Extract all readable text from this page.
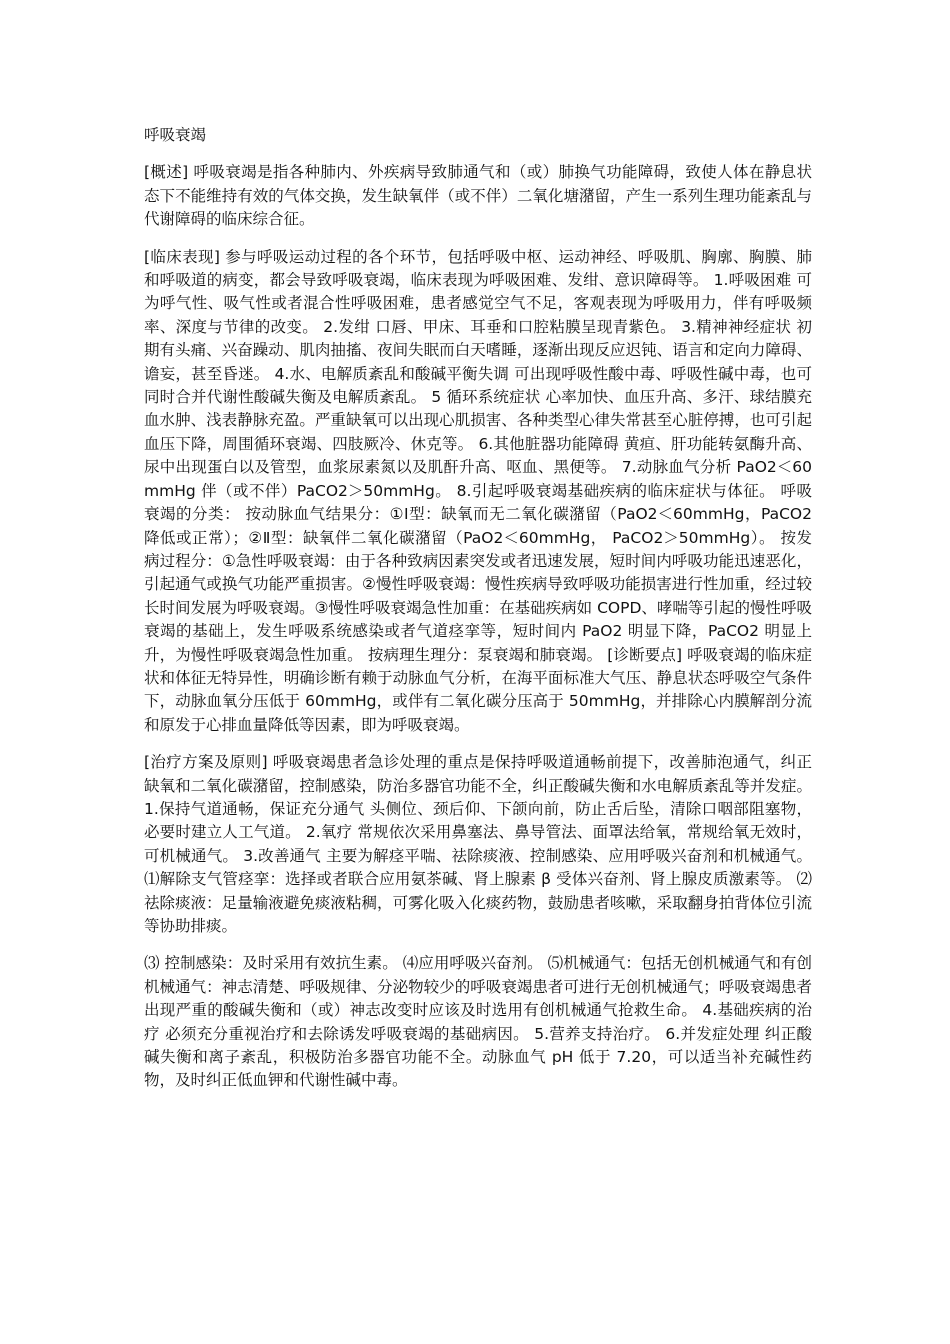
呼吸衰竭
[概述] 呼吸衰竭是指各种肺内、外疾病导致肺通气和（或）肺换气功能障碍，致使人体在静息状态下不能维持有效的气体交换，发生缺氧伴（或不伴）二氧化塘潴留，产生一系列生理功能紊乱与代谢障碍的临床综合征。
[临床表现] 参与呼吸运动过程的各个环节，包括呼吸中枢、运动神经、呼吸肌、胸廓、胸膜、肺和呼吸道的病变，都会导致呼吸衰竭，临床表现为呼吸困难、发绀、意识障碍等。 1.呼吸困难 可为呼气性、吸气性或者混合性呼吸困难，患者感觉空气不足，客观表现为呼吸用力，伴有呼吸频率、深度与节律的改变。 2.发绀 口唇、甲床、耳垂和口腔粘膜呈现青紫色。 3.精神神经症状 初期有头痛、兴奋躁动、肌肉抽搐、夜间失眠而白天嗜睡，逐渐出现反应迟钝、语言和定向力障碍、谵妄，甚至昏迷。 4.水、电解质紊乱和酸碱平衡失调 可出现呼吸性酸中毒、呼吸性碱中毒，也可同时合并代谢性酸碱失衡及电解质紊乱。 5 循环系统症状 心率加快、血压升高、多汗、球结膜充血水肿、浅表静脉充盈。严重缺氧可以出现心肌损害、各种类型心律失常甚至心脏停搏，也可引起血压下降，周围循环衰竭、四肢厥冷、休克等。 6.其他脏器功能障碍 黄疸、肝功能转氨酶升高、尿中出现蛋白以及管型，血浆尿素氮以及肌酐升高、呕血、黑便等。 7.动脉血气分析 PaO2＜60mmHg 伴（或不伴）PaCO2＞50mmHg。 8.引起呼吸衰竭基础疾病的临床症状与体征。 呼吸衰竭的分类： 按动脉血气结果分：①Ⅰ型：缺氧而无二氧化碳潴留（PaO2＜60mmHg，PaCO2 降低或正常）；②Ⅱ型：缺氧伴二氧化碳潴留（PaO2＜60mmHg， PaCO2＞50mmHg）。 按发病过程分：①急性呼吸衰竭：由于各种致病因素突发或者迅速发展，短时间内呼吸功能迅速恶化，引起通气或换气功能严重损害。②慢性呼吸衰竭：慢性疾病导致呼吸功能损害进行性加重，经过较长时间发展为呼吸衰竭。③慢性呼吸衰竭急性加重：在基础疾病如 COPD、哮喘等引起的慢性呼吸衰竭的基础上，发生呼吸系统感染或者气道痉挛等，短时间内 PaO2 明显下降，PaCO2 明显上升，为慢性呼吸衰竭急性加重。 按病理生理分：泵衰竭和肺衰竭。 [诊断要点] 呼吸衰竭的临床症状和体征无特异性，明确诊断有赖于动脉血气分析，在海平面标准大气压、静息状态呼吸空气条件下，动脉血氧分压低于 60mmHg，或伴有二氧化碳分压高于 50mmHg，并排除心内膜解剖分流和原发于心排血量降低等因素，即为呼吸衰竭。
[治疗方案及原则] 呼吸衰竭患者急诊处理的重点是保持呼吸道通畅前提下，改善肺泡通气，纠正缺氧和二氧化碳潴留，控制感染，防治多器官功能不全，纠正酸碱失衡和水电解质紊乱等并发症。 1.保持气道通畅，保证充分通气 头侧位、颈后仰、下颌向前，防止舌后坠，清除口咽部阻塞物，必要时建立人工气道。 2.氧疗 常规依次采用鼻塞法、鼻导管法、面罩法给氧，常规给氧无效时，可机械通气。 3.改善通气 主要为解痉平喘、祛除痰液、控制感染、应用呼吸兴奋剂和机械通气。 ⑴解除支气管痉挛：选择或者联合应用氨茶碱、肾上腺素 β 受体兴奋剂、肾上腺皮质激素等。 ⑵祛除痰液：足量输液避免痰液粘稠，可雾化吸入化痰药物，鼓励患者咳嗽，采取翻身拍背体位引流等协助排痰。
⑶ 控制感染：及时采用有效抗生素。 ⑷应用呼吸兴奋剂。 ⑸机械通气：包括无创机械通气和有创机械通气：神志清楚、呼吸规律、分泌物较少的呼吸衰竭患者可进行无创机械通气；呼吸衰竭患者出现严重的酸碱失衡和（或）神志改变时应该及时选用有创机械通气抢救生命。 4.基础疾病的治疗 必须充分重视治疗和去除诱发呼吸衰竭的基础病因。 5.营养支持治疗。 6.并发症处理 纠正酸碱失衡和离子紊乱，积极防治多器官功能不全。动脉血气 pH 低于 7.20，可以适当补充碱性药物，及时纠正低血钾和代谢性碱中毒。
